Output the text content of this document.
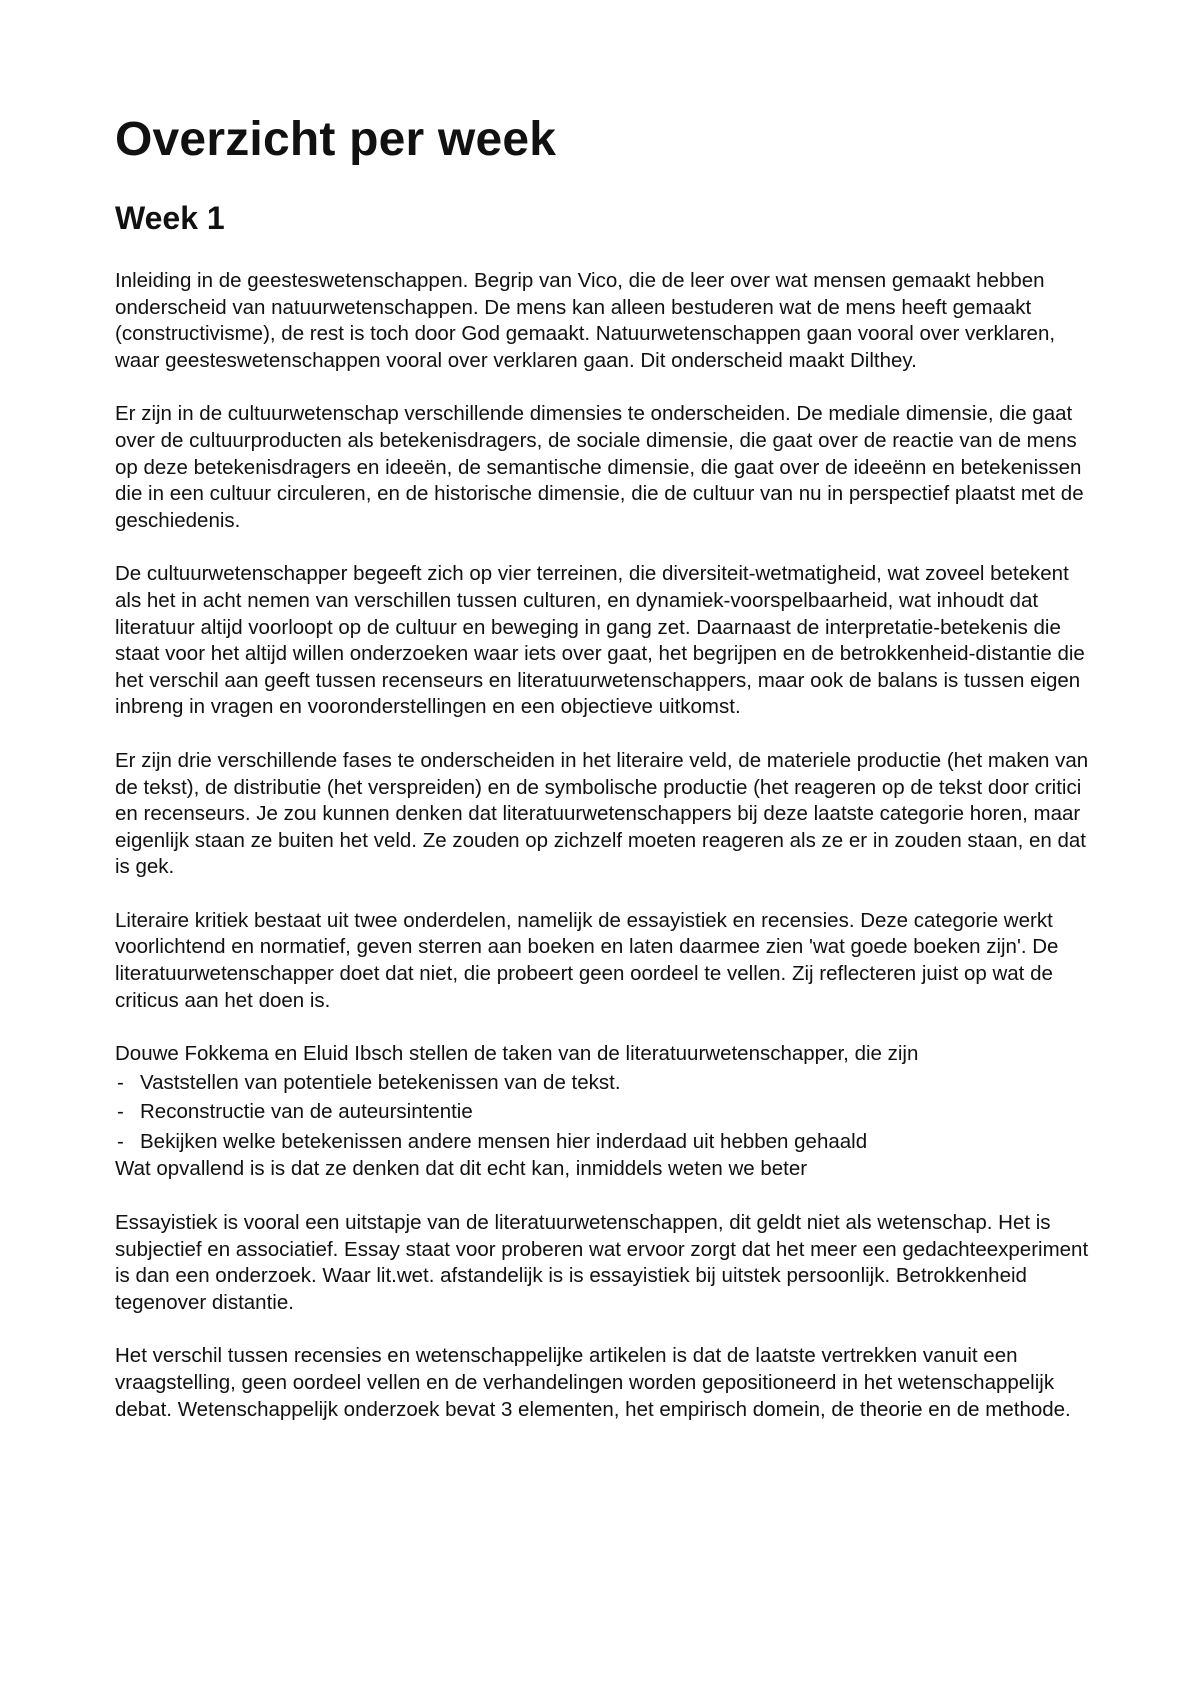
Overzicht per week
Week 1

Inleiding in de geesteswetenschappen. Begrip van Vico, die de leer over wat mensen gemaakt hebben onderscheid van natuurwetenschappen. De mens kan alleen bestuderen wat de mens heeft gemaakt (constructivisme), de rest is toch door God gemaakt. Natuurwetenschappen gaan vooral over verklaren, waar geesteswetenschappen vooral over verklaren gaan. Dit onderscheid maakt Dilthey.

Er zijn in de cultuurwetenschap verschillende dimensies te onderscheiden. De mediale dimensie, die gaat over de cultuurproducten als betekenisdragers, de sociale dimensie, die gaat over de reactie van de mens op deze betekenisdragers en ideeën, de semantische dimensie, die gaat over de ideeënn en betekenissen die in een cultuur circuleren, en de historische dimensie, die de cultuur van nu in perspectief plaatst met de geschiedenis.

De cultuurwetenschapper begeeft zich op vier terreinen, die diversiteit-wetmatigheid, wat zoveel betekent als het in acht nemen van verschillen tussen culturen, en dynamiek-voorspelbaarheid, wat inhoudt dat literatuur altijd voorloopt op de cultuur en beweging in gang zet. Daarnaast de interpretatie-betekenis die staat voor het altijd willen onderzoeken waar iets over gaat, het begrijpen en de betrokkenheid-distantie die het verschil aan geeft tussen recenseurs en literatuurwetenschappers, maar ook de balans is tussen eigen inbreng in vragen en vooronderstellingen en een objectieve uitkomst.

Er zijn drie verschillende fases te onderscheiden in het literaire veld, de materiele productie (het maken van de tekst), de distributie (het verspreiden) en de symbolische productie (het reageren op de tekst door critici en recenseurs. Je zou kunnen denken dat literatuurwetenschappers bij deze laatste categorie horen, maar eigenlijk staan ze buiten het veld. Ze zouden op zichzelf moeten reageren als ze er in zouden staan, en dat is gek.

Literaire kritiek bestaat uit twee onderdelen, namelijk de essayistiek en recensies. Deze categorie werkt voorlichtend en normatief, geven sterren aan boeken en laten daarmee zien 'wat goede boeken zijn'. De literatuurwetenschapper doet dat niet, die probeert geen oordeel te vellen. Zij reflecteren juist op wat de criticus aan het doen is.

Douwe Fokkema en Eluid Ibsch stellen de taken van de literatuurwetenschapper, die zijn

- Vaststellen van potentiele betekenissen van de tekst.
- Reconstructie van de auteursintentie
- Bekijken welke betekenissen andere mensen hier inderdaad uit hebben gehaald

Wat opvallend is is dat ze denken dat dit echt kan, inmiddels weten we beter

Essayistiek is vooral een uitstapje van de literatuurwetenschappen, dit geldt niet als wetenschap. Het is subjectief en associatief. Essay staat voor proberen wat ervoor zorgt dat het meer een gedachteexperiment is dan een onderzoek. Waar lit.wet. afstandelijk is is essayistiek bij uitstek persoonlijk. Betrokkenheid tegenover distantie.

Het verschil tussen recensies en wetenschappelijke artikelen is dat de laatste vertrekken vanuit een vraagstelling, geen oordeel vellen en de verhandelingen worden gepositioneerd in het wetenschappelijk debat. Wetenschappelijk onderzoek bevat 3 elementen, het empirisch domein, de theorie en de methode.
